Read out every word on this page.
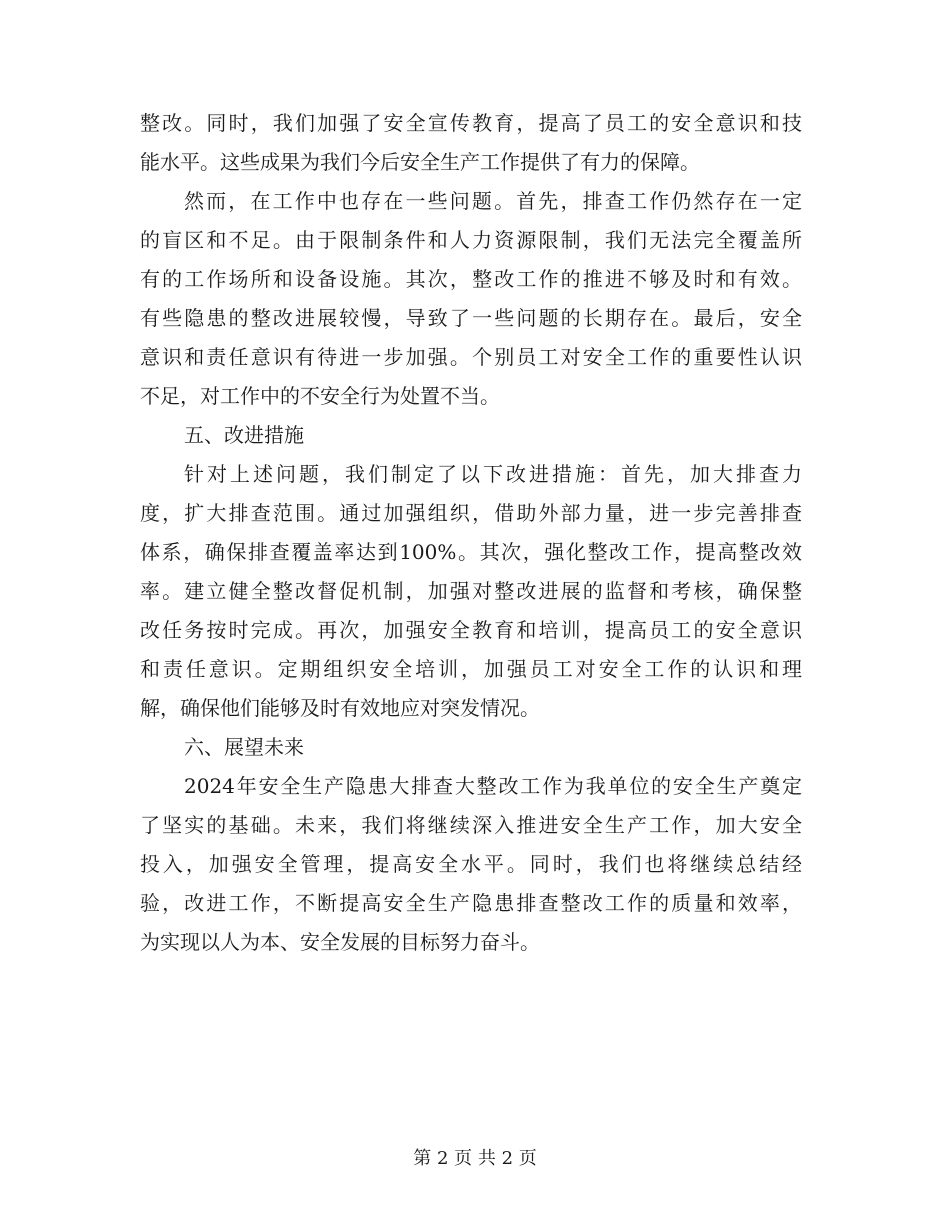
整改。同时，我们加强了安全宣传教育，提高了员工的安全意识和技
能水平。这些成果为我们今后安全生产工作提供了有力的保障。
然而，在工作中也存在一些问题。首先，排查工作仍然存在一定
的盲区和不足。由于限制条件和人力资源限制，我们无法完全覆盖所
有的工作场所和设备设施。其次，整改工作的推进不够及时和有效。
有些隐患的整改进展较慢，导致了一些问题的长期存在。最后，安全
意识和责任意识有待进一步加强。个别员工对安全工作的重要性认识
不足，对工作中的不安全行为处置不当。
五、改进措施
针对上述问题，我们制定了以下改进措施：首先，加大排查力
度，扩大排查范围。通过加强组织，借助外部力量，进一步完善排查
体系，确保排查覆盖率达到100%。其次，强化整改工作，提高整改效
率。建立健全整改督促机制，加强对整改进展的监督和考核，确保整
改任务按时完成。再次，加强安全教育和培训，提高员工的安全意识
和责任意识。定期组织安全培训，加强员工对安全工作的认识和理
解，确保他们能够及时有效地应对突发情况。
六、展望未来
2024年安全生产隐患大排查大整改工作为我单位的安全生产奠定
了坚实的基础。未来，我们将继续深入推进安全生产工作，加大安全
投入，加强安全管理，提高安全水平。同时，我们也将继续总结经
验，改进工作，不断提高安全生产隐患排查整改工作的质量和效率，
为实现以人为本、安全发展的目标努力奋斗。
第 2 页 共 2 页
